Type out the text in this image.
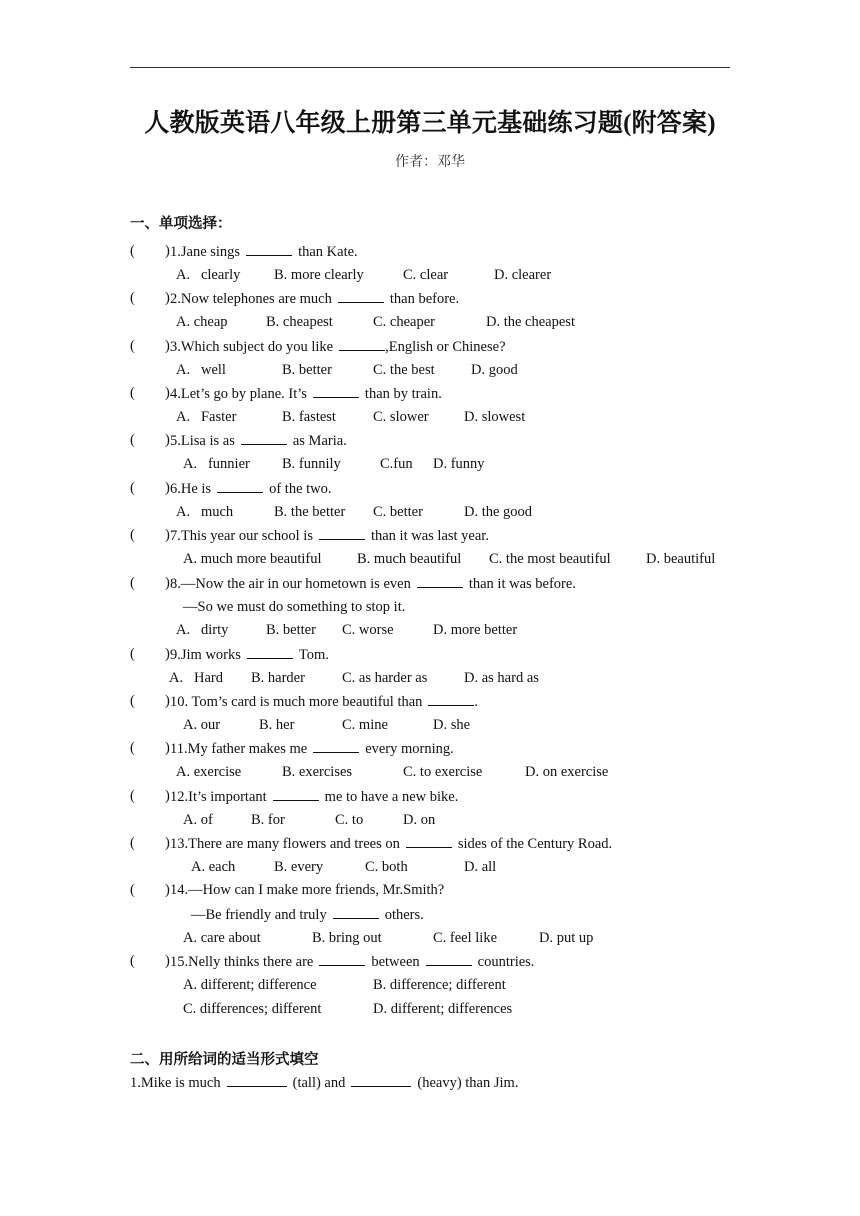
人教版英语八年级上册第三单元基础练习题(附答案)
作者：邓华
一、单项选择：
( ) 1.Jane sings	than Kate.
A.   clearly B. more clearly	C. clear	D. clearer
( ) 2.Now telephones are much	than before.
A. cheap	B. cheapest	C. cheaper	D. the cheapest
( ) 3.Which subject do you like	,English or Chinese?
A.   well	B. better	C. the best	D. good
( ) 4.Let’s go by plane. It’s	than by train.
A.   Faster	B. fastest	C. slower D. slowest
( ) 5.Lisa is as	as Maria.
A.   funnier B. funnily	C.fun D. funny
( ) 6.He is	of the two.
A.   much	B. the better C. better	D. the good
( ) 7.This year our school is	than it was last year.
A. much more beautiful B. much beautiful C. the most beautiful D. beautiful
( ) 8.—Now the air in our hometown is even	than it was before.
—So we must do something to stop it.
A.   dirty	B. better C. worse	D. more better
( ) 9.Jim works	Tom.
A.   Hard B. harder	C. as harder as	D. as hard as
( ) 10. Tom’s card is much more beautiful than	.
A. our	B. her	C. mine	D. she
( ) 11.My father makes me	every morning.
A. exercise	B. exercises	C. to exercise	D. on exercise
( ) 12.It’s important	me to have a new bike.
A. of	B. for	C. to	D. on
( ) 13.There are many flowers and trees on	sides of the Century Road.
A. each	B. every	C. both	D. all
( ) 14.—How can I make more friends, Mr.Smith?
—Be friendly and truly	others.
A. care about	B. bring out	C. feel like	D. put up
( ) 15.Nelly thinks there are	between	countries.
A. different; difference	B. difference; different
C. differences; different	D. different; differences
二、用所给词的适当形式填空
1.Mike is much	(tall) and	(heavy) than Jim.
